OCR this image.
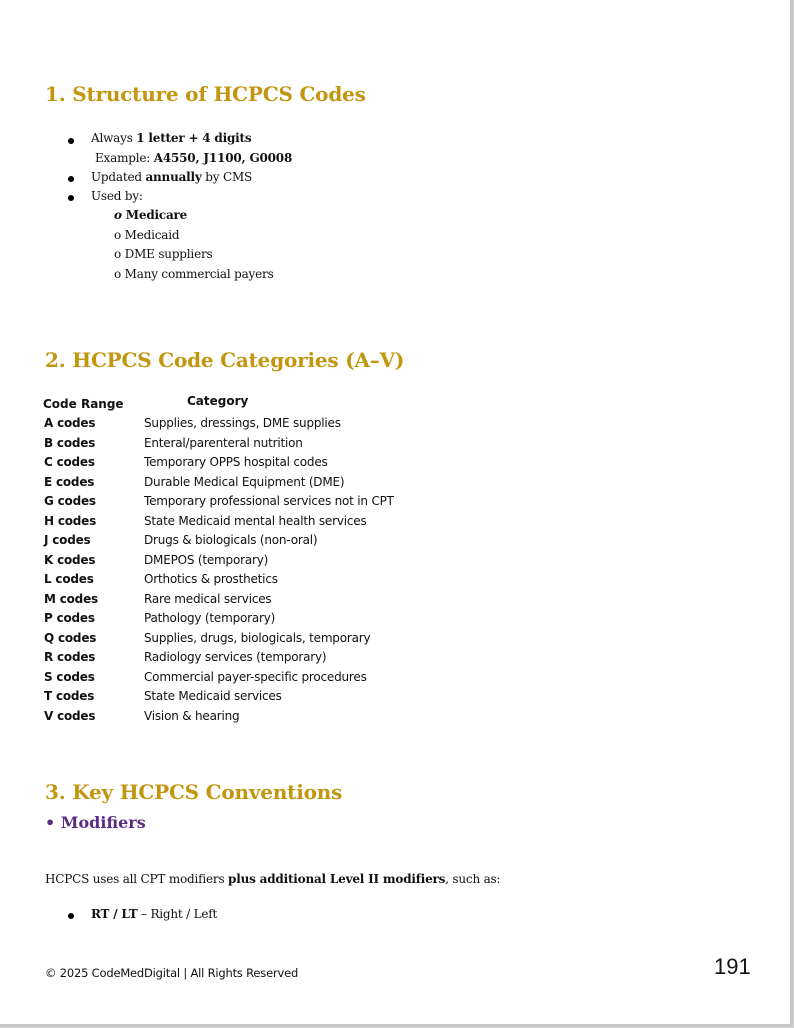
1. Structure of HCPCS Codes
Always 1 letter + 4 digits
Example: A4550, J1100, G0008
Updated annually by CMS
Used by:
o Medicare
o Medicaid
o DME suppliers
o Many commercial payers
2. HCPCS Code Categories (A–V)
Code Range	Category
A codes	Supplies, dressings, DME supplies
B codes	Enteral/parenteral nutrition
C codes	Temporary OPPS hospital codes
E codes	Durable Medical Equipment (DME)
G codes	Temporary professional services not in CPT
H codes	State Medicaid mental health services
J codes	Drugs & biologicals (non-oral)
K codes	DMEPOS (temporary)
L codes	Orthotics & prosthetics
M codes	Rare medical services
P codes	Pathology (temporary)
Q codes	Supplies, drugs, biologicals, temporary
R codes	Radiology services (temporary)
S codes	Commercial payer-specific procedures
T codes	State Medicaid services
V codes	Vision & hearing
3. Key HCPCS Conventions
• Modifiers
HCPCS uses all CPT modifiers plus additional Level II modifiers, such as:
RT / LT – Right / Left
© 2025 CodeMedDigital | All Rights Reserved	191
